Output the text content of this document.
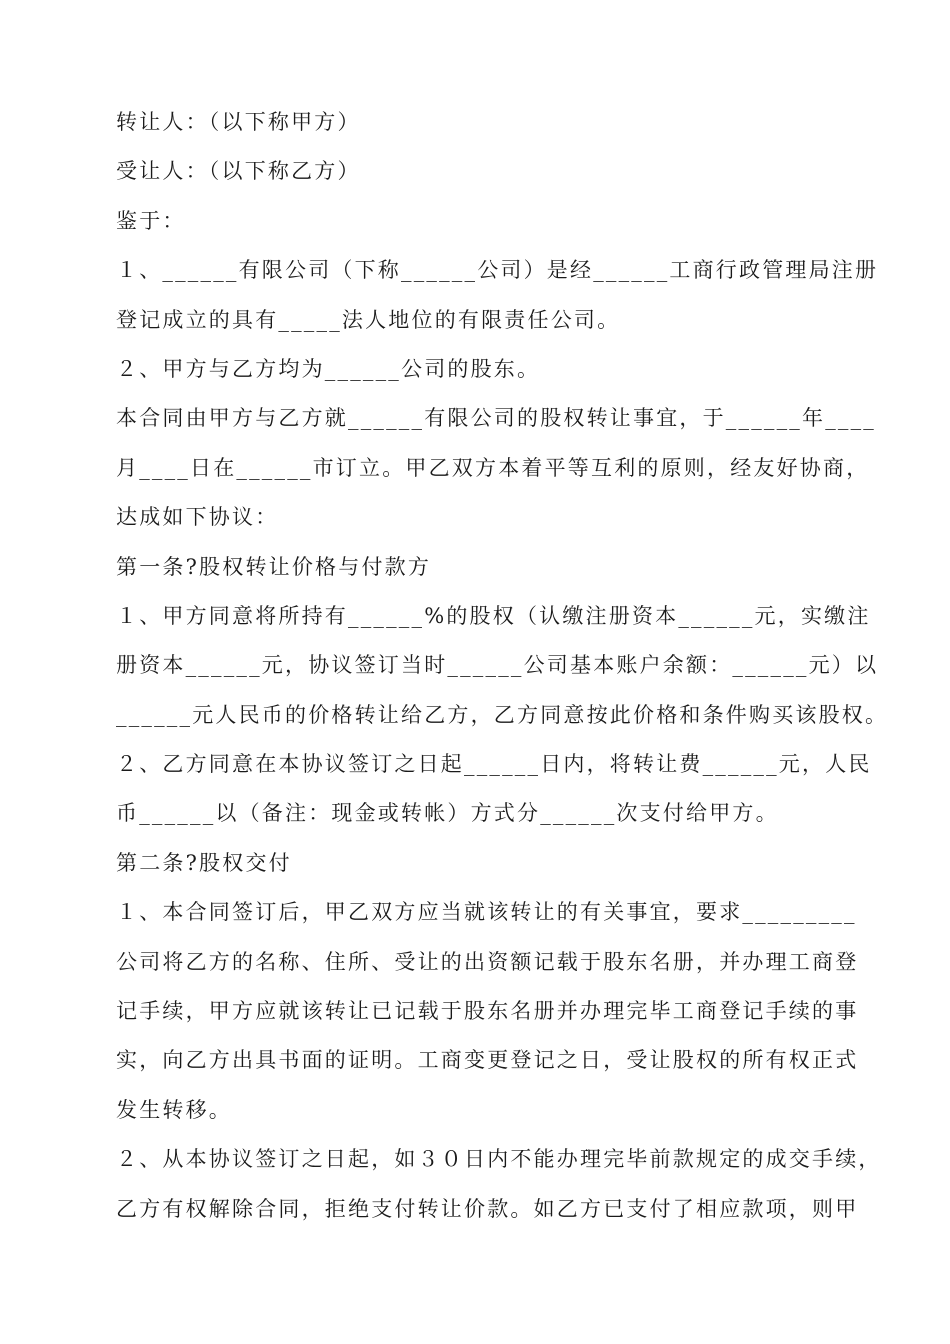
转让人：（以下称甲方）
受让人：（以下称乙方）
鉴于：
１、______有限公司（下称______公司）是经______工商行政管理局注册
登记成立的具有_____法人地位的有限责任公司。
２、甲方与乙方均为______公司的股东。
本合同由甲方与乙方就______有限公司的股权转让事宜，于______年____
月____日在______市订立。甲乙双方本着平等互利的原则，经友好协商，
达成如下协议：
第一条?股权转让价格与付款方
１、甲方同意将所持有______%的股权（认缴注册资本______元，实缴注
册资本______元，协议签订当时______公司基本账户余额：______元）以
______元人民币的价格转让给乙方，乙方同意按此价格和条件购买该股权。
２、乙方同意在本协议签订之日起______日内，将转让费______元，人民
币______以（备注：现金或转帐）方式分______次支付给甲方。
第二条?股权交付
１、本合同签订后，甲乙双方应当就该转让的有关事宜，要求_________
公司将乙方的名称、住所、受让的出资额记载于股东名册，并办理工商登
记手续，甲方应就该转让已记载于股东名册并办理完毕工商登记手续的事
实，向乙方出具书面的证明。工商变更登记之日，受让股权的所有权正式
发生转移。
２、从本协议签订之日起，如３０日内不能办理完毕前款规定的成交手续，
乙方有权解除合同，拒绝支付转让价款。如乙方已支付了相应款项，则甲
